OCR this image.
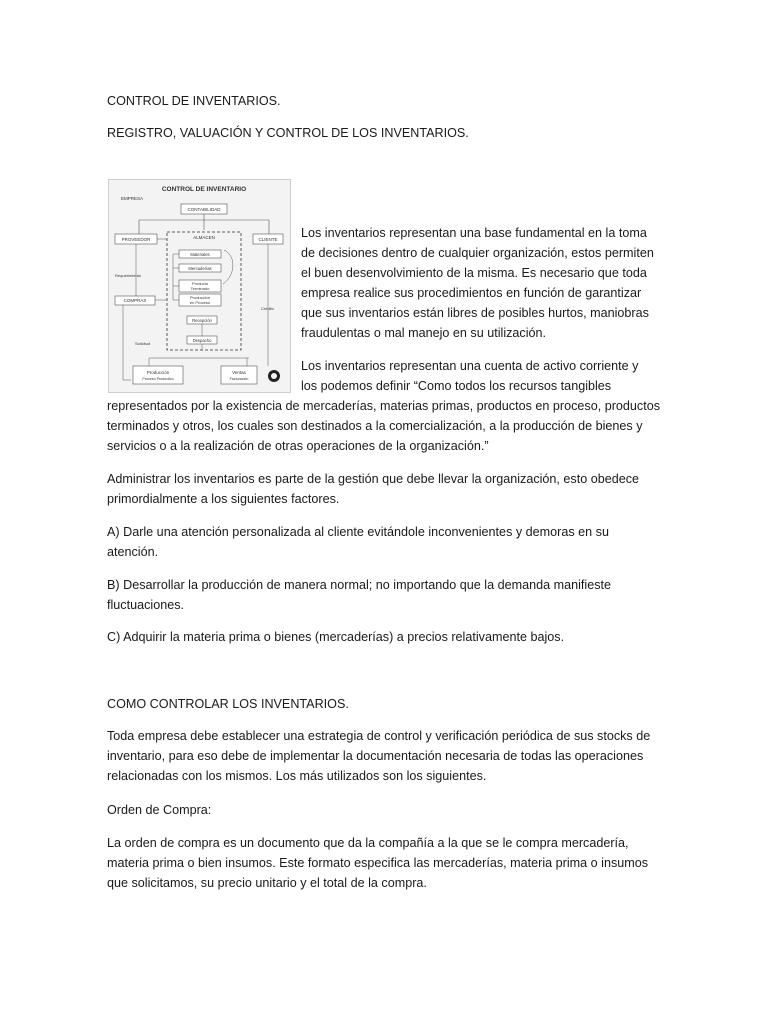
CONTROL DE INVENTARIOS.

REGISTRO, VALUACIÓN Y CONTROL DE LOS INVENTARIOS.

CONTROL DE INVENTARIO
EMPRESA
CONTABILIDAD
PROVEEDOR	CLIENTE
ALMACEN
Materiales
Mercaderías
Producto
Terminado
Producción
en Proceso
Recepción
Despacho
Requerimiento
COMPRAS
Solicitud
Crédito
Producción
Proceso Productivo
Ventas
Facturación

Los inventarios representan una base fundamental en la toma

de decisiones dentro de cualquier organización, estos permiten

el buen desenvolvimiento de la misma. Es necesario que toda

empresa realice sus procedimientos en función de garantizar

que sus inventarios están libres de posibles hurtos, maniobras

fraudulentas o mal manejo en su utilización.

Los inventarios representan una cuenta de activo corriente y

los podemos definir “Como todos los recursos tangibles

representados por la existencia de mercaderías, materias primas, productos en proceso, productos

terminados y otros, los cuales son destinados a la comercialización, a la producción de bienes y

servicios o a la realización de otras operaciones de la organización.”

Administrar los inventarios es parte de la gestión que debe llevar la organización, esto obedece

primordialmente a los siguientes factores.

A) Darle una atención personalizada al cliente evitándole inconvenientes y demoras en su

atención.

B) Desarrollar la producción de manera normal; no importando que la demanda manifieste

fluctuaciones.

C) Adquirir la materia prima o bienes (mercaderías) a precios relativamente bajos.

COMO CONTROLAR LOS INVENTARIOS.

Toda empresa debe establecer una estrategia de control y verificación periódica de sus stocks de

inventario, para eso debe de implementar la documentación necesaria de todas las operaciones

relacionadas con los mismos. Los más utilizados son los siguientes.

Orden de Compra:

La orden de compra es un documento que da la compañía a la que se le compra mercadería,

materia prima o bien insumos. Este formato especifica las mercaderías, materia prima o insumos

que solicitamos, su precio unitario y el total de la compra.
